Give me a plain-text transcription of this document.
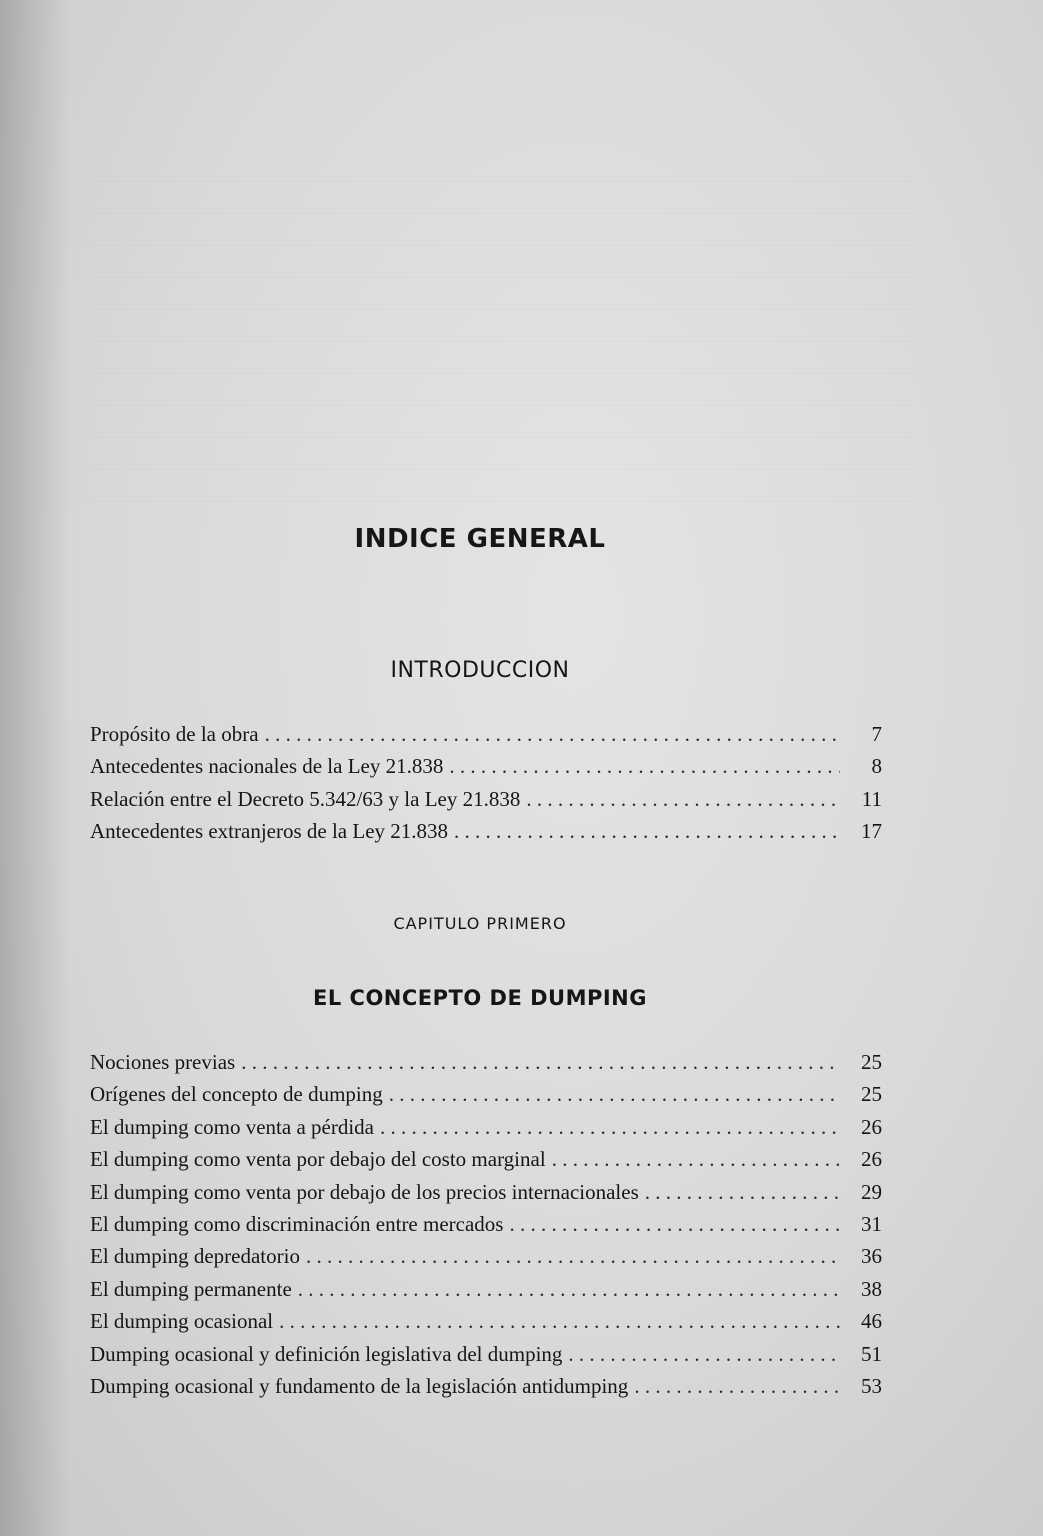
INDICE GENERAL
INTRODUCCION
Propósito de la obra . . .	7
Antecedentes nacionales de la Ley 21.838 . . .	8
Relación entre el Decreto 5.342/63 y la Ley 21.838 . . .	11
Antecedentes extranjeros de la Ley 21.838 . . .	17
CAPITULO PRIMERO
EL CONCEPTO DE DUMPING
Nociones previas . . .	25
Orígenes del concepto de dumping . . .	25
El dumping como venta a pérdida . . .	26
El dumping como venta por debajo del costo marginal . . .	26
El dumping como venta por debajo de los precios internacionales . . .	29
El dumping como discriminación entre mercados . . .	31
El dumping depredatorio . . .	36
El dumping permanente . . .	38
El dumping ocasional . . .	46
Dumping ocasional y definición legislativa del dumping . . .	51
Dumping ocasional y fundamento de la legislación antidumping . . .	53
